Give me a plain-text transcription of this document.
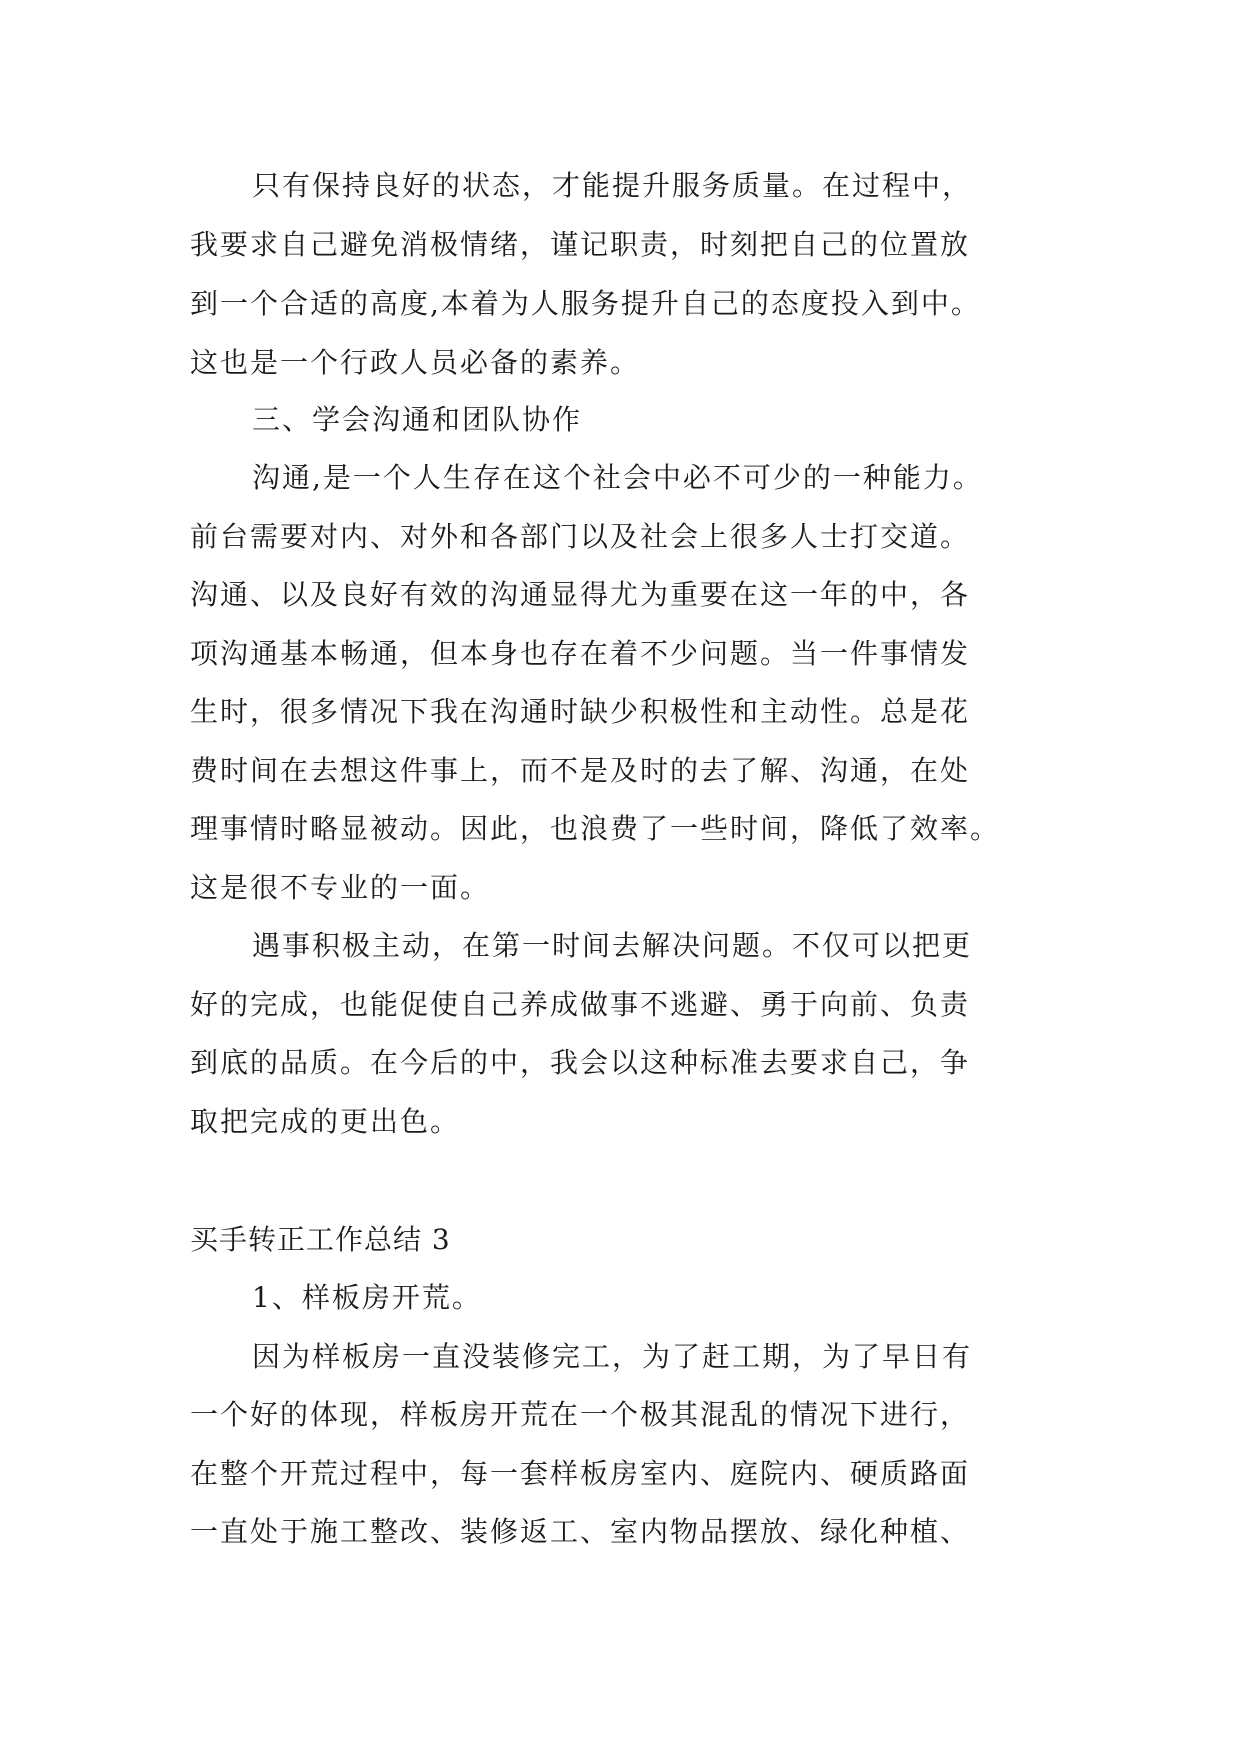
只有保持良好的状态，才能提升服务质量。在过程中，
我要求自己避免消极情绪，谨记职责，时刻把自己的位置放
到一个合适的高度,本着为人服务提升自己的态度投入到中。
这也是一个行政人员必备的素养。
三、学会沟通和团队协作
沟通,是一个人生存在这个社会中必不可少的一种能力。
前台需要对内、对外和各部门以及社会上很多人士打交道。
沟通、以及良好有效的沟通显得尤为重要在这一年的中，各
项沟通基本畅通，但本身也存在着不少问题。当一件事情发
生时，很多情况下我在沟通时缺少积极性和主动性。总是花
费时间在去想这件事上，而不是及时的去了解、沟通，在处
理事情时略显被动。因此，也浪费了一些时间，降低了效率。
这是很不专业的一面。
遇事积极主动，在第一时间去解决问题。不仅可以把更
好的完成，也能促使自己养成做事不逃避、勇于向前、负责
到底的品质。在今后的中，我会以这种标准去要求自己，争
取把完成的更出色。
买手转正工作总结 3
1、样板房开荒。
因为样板房一直没装修完工，为了赶工期，为了早日有
一个好的体现，样板房开荒在一个极其混乱的情况下进行，
在整个开荒过程中，每一套样板房室内、庭院内、硬质路面
一直处于施工整改、装修返工、室内物品摆放、绿化种植、
